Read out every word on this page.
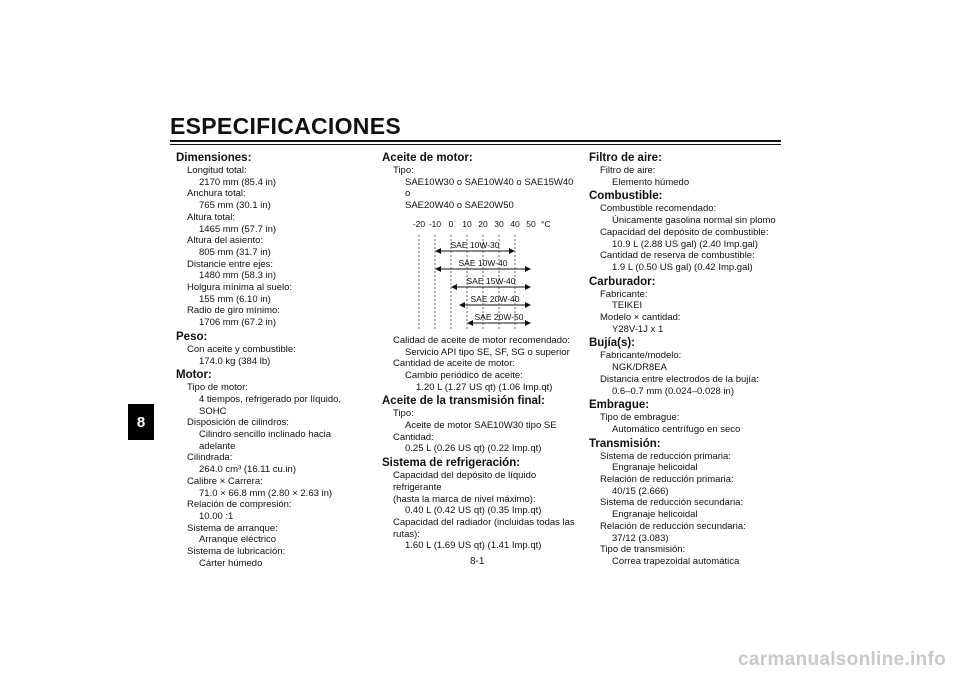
ESPECIFICACIONES
8
Dimensiones:
Longitud total:
2170 mm (85.4 in)
Anchura total:
765 mm (30.1 in)
Altura total:
1465 mm (57.7 in)
Altura del asiento:
805 mm (31.7 in)
Distancie entre ejes:
1480 mm (58.3 in)
Holgura mínima al suelo:
155 mm (6.10 in)
Radio de giro mínimo:
1706 mm (67.2 in)
Peso:
Con aceite y combustible:
174.0 kg (384 lb)
Motor:
Tipo de motor:
4 tiempos, refrigerado por líquido, SOHC
Disposición de cilindros:
Cilindro sencillo inclinado hacia adelante
Cilindrada:
264.0 cm³ (16.11 cu.in)
Calibre × Carrera:
71.0 × 66.8 mm (2.80 × 2.63 in)
Relación de compresión:
10.00 :1
Sistema de arranque:
Arranque eléctrico
Sistema de lubricación:
Cárter húmedo
Aceite de motor:
Tipo:
SAE10W30 o SAE10W40 o SAE15W40 o
SAE20W40 o SAE20W50
-20 -10 0 10 20 30 40 50 °C
SAE 10W-30
SAE 10W-40
SAE 15W-40
SAE 20W-40
SAE 20W-50
Calidad de aceite de motor recomendado:
Servicio API tipo SE, SF, SG o superior
Cantidad de aceite de motor:
Cambio periódico de aceite:
1.20 L (1.27 US qt) (1.06 Imp.qt)
Aceite de la transmisión final:
Tipo:
Aceite de motor SAE10W30 tipo SE
Cantidad:
0.25 L (0.26 US qt) (0.22 Imp.qt)
Sistema de refrigeración:
Capacidad del depósito de líquido refrigerante
(hasta la marca de nivel máximo):
0.40 L (0.42 US qt) (0.35 Imp.qt)
Capacidad del radiador (incluidas todas las
rutas):
1.60 L (1.69 US qt) (1.41 Imp.qt)
Filtro de aire:
Filtro de aire:
Elemento húmedo
Combustible:
Combustible recomendado:
Únicamente gasolina normal sin plomo
Capacidad del depósito de combustible:
10.9 L (2.88 US gal) (2.40 Imp.gal)
Cantidad de reserva de combustible:
1.9 L (0.50 US gal) (0.42 Imp.gal)
Carburador:
Fabricante:
TEIKEI
Modelo × cantidad:
Y28V-1J x 1
Bujía(s):
Fabricante/modelo:
NGK/DR8EA
Distancia entre electrodos de la bujía:
0.6–0.7 mm (0.024–0.028 in)
Embrague:
Tipo de embrague:
Automático centrífugo en seco
Transmisión:
Sistema de reducción primaria:
Engranaje helicoidal
Relación de reducción primaria:
40/15 (2.666)
Sistema de reducción secundaria:
Engranaje helicoidal
Relación de reducción secundaria:
37/12 (3.083)
Tipo de transmisión:
Correa trapezoidal automática
8-1
carmanualsonline.info
